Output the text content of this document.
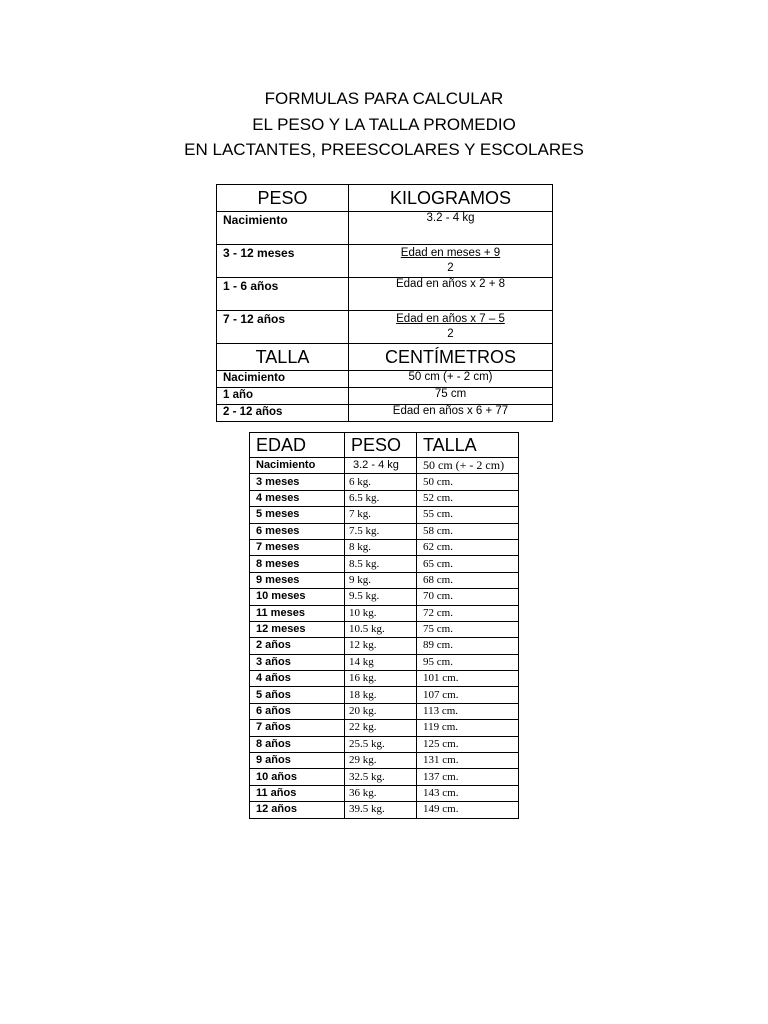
FORMULAS PARA CALCULAR
EL PESO Y LA TALLA PROMEDIO
EN LACTANTES, PREESCOLARES Y ESCOLARES
PESO	KILOGRAMOS
Nacimiento	3.2 - 4 kg
3 - 12 meses	$\frac{\text{Edad en meses + 9}}{2}$

1 - 6 años	Edad en años x 2 + 8
7 - 12 años	$\frac{\text{Edad en años x 7 – 5}}{2}$

TALLA	CENTÍMETROS
Nacimiento	50 cm (+ - 2 cm)
1 año	75 cm
2 - 12 años	Edad en años x 6 + 77
EDAD	PESO	TALLA
Nacimiento	3.2 - 4 kg	50 cm (+ - 2 cm)
3 meses	6 kg.	50 cm.
4 meses	6.5 kg.	52 cm.
5 meses	7 kg.	55 cm.
6 meses	7.5 kg.	58 cm.
7 meses	8 kg.	62 cm.
8 meses	8.5 kg.	65 cm.
9 meses	9 kg.	68 cm.
10 meses	9.5 kg.	70 cm.
11 meses	10 kg.	72 cm.
12 meses	10.5 kg.	75 cm.
2 años	12 kg.	89 cm.
3 años	14 kg	95 cm.
4 años	16 kg.	101 cm.
5 años	18 kg.	107 cm.
6 años	20 kg.	113 cm.
7 años	22 kg.	119 cm.
8 años	25.5 kg.	125 cm.
9 años	29 kg.	131 cm.
10 años	32.5 kg.	137 cm.
11 años	36 kg.	143 cm.
12 años	39.5 kg.	149 cm.
